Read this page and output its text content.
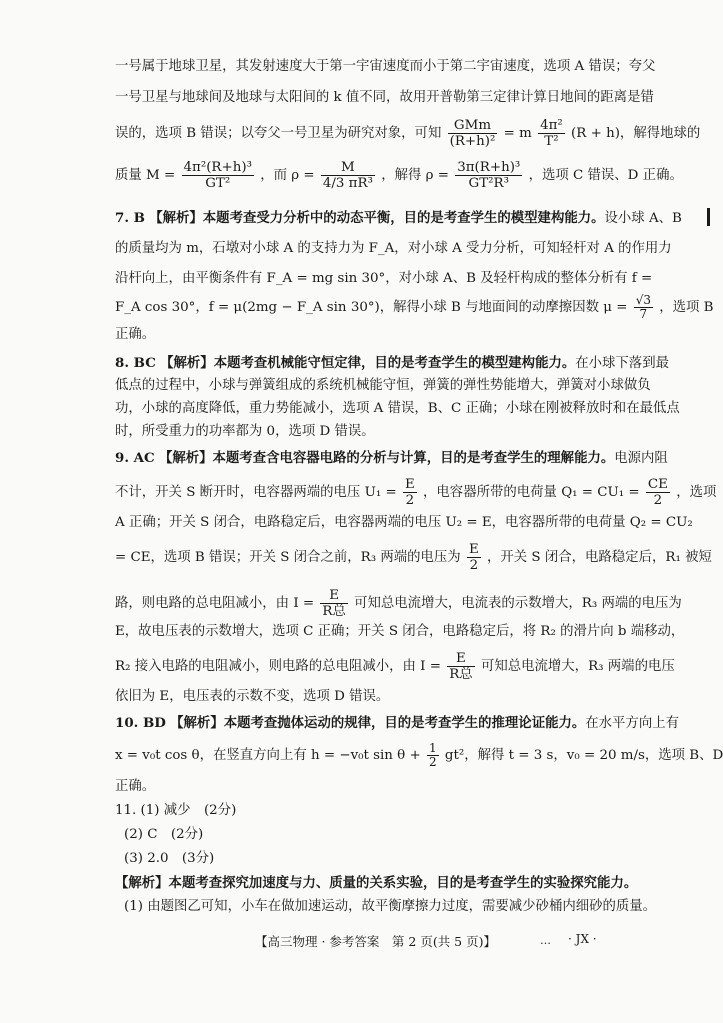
一号属于地球卫星，其发射速度大于第一宇宙速度而小于第二宇宙速度，选项 A 错误；夸父
一号卫星与地球间及地球与太阳间的 k 值不同，故用开普勒第三定律计算日地间的距离是错
误的，选项 B 错误；以夸父一号卫星为研究对象，可知 $\frac{\text{GMm}}{\text{(R+h)²}} = m \frac{\text{4π²}}{\text{T²}} (R + h)$，解得地球的
质量 $M = \frac{\text{4π²(R+h)³}}{\text{GT²}}$ ，而 $\rho = \frac{M}{\text{4/3 πR³}}$ ，解得 $\rho = \frac{\text{3π(R+h)³}}{\text{GT²R³}}$ ，选项 C 错误、D 正确。
7. B 【解析】本题考查受力分析中的动态平衡，目的是考查学生的模型建构能力。设小球 A、B
的质量均为 m，石墩对小球 A 的支持力为 F_A，对小球 A 受力分析，可知轻杆对 A 的作用力
沿杆向上，由平衡条件有 F_A = mg sin 30°，对小球 A、B 及轻杆构成的整体分析有 f =
F_A cos 30°，f = μ(2mg − F_A sin 30°)，解得小球 B 与地面间的动摩擦因数 $\mu = \frac{√3}{7}$ ，选项 B
正确。
8. BC 【解析】本题考查机械能守恒定律，目的是考查学生的模型建构能力。在小球下落到最
低点的过程中，小球与弹簧组成的系统机械能守恒，弹簧的弹性势能增大，弹簧对小球做负
功，小球的高度降低，重力势能减小，选项 A 错误，B、C 正确；小球在刚被释放时和在最低点
时，所受重力的功率都为 0，选项 D 错误。
9. AC 【解析】本题考查含电容器电路的分析与计算，目的是考查学生的理解能力。电源内阻
不计，开关 S 断开时，电容器两端的电压 $U_1 = \frac{E}{2}$ ，电容器所带的电荷量 $Q_1 = CU_1 = \frac{CE}{2}$ ，选项
A 正确；开关 S 闭合，电路稳定后，电容器两端的电压 U₂ = E，电容器所带的电荷量 Q₂ = CU₂
= CE，选项 B 错误；开关 S 闭合之前，R₃ 两端的电压为 $\frac{E}{2}$ ，开关 S 闭合，电路稳定后，R₁ 被短
路，则电路的总电阻减小，由 $I = \frac{E}{\text{R总}}$ 可知总电流增大，电流表的示数增大，R₃ 两端的电压为
E，故电压表的示数增大，选项 C 正确；开关 S 闭合，电路稳定后，将 R₂ 的滑片向 b 端移动，
R₂ 接入电路的电阻减小，则电路的总电阻减小，由 $I = \frac{E}{\text{R总}}$ 可知总电流增大，R₃ 两端的电压
依旧为 E，电压表的示数不变，选项 D 错误。
10. BD 【解析】本题考查抛体运动的规律，目的是考查学生的推理论证能力。在水平方向上有
x = v₀t cos θ，在竖直方向上有 h = −v₀t $\sin \theta + \frac{1}{2} gt^2$，解得 t = 3 s，v₀ = 20 m/s，选项 B、D
正确。
11. (1) 减少　(2分)
(2) C　(2分)
(3) 2.0　(3分)
【解析】本题考查探究加速度与力、质量的关系实验，目的是考查学生的实验探究能力。
(1) 由题图乙可知，小车在做加速运动，故平衡摩擦力过度，需要减少砂桶内细砂的质量。
【高三物理 · 参考答案　第 2 页(共 5 页)】	… · JX ·
